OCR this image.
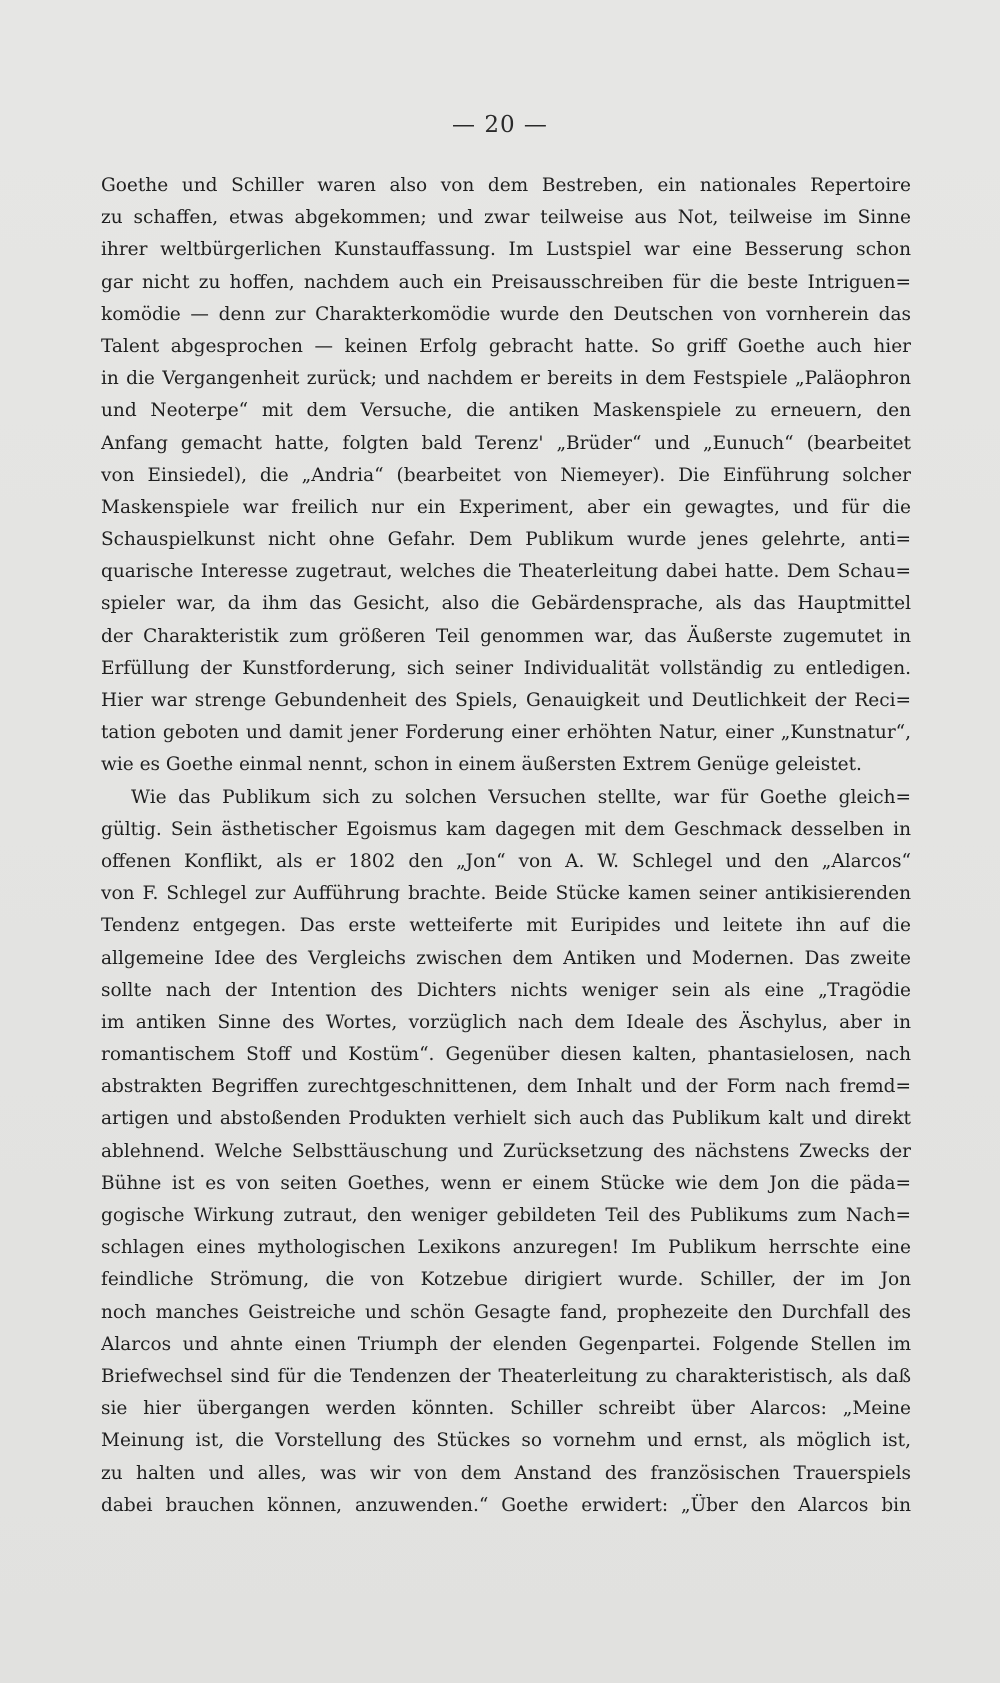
— 20 —
Goethe und Schiller waren also von dem Bestreben, ein nationales Repertoire
zu schaffen, etwas abgekommen; und zwar teilweise aus Not, teilweise im Sinne
ihrer weltbürgerlichen Kunstauffassung. Im Lustspiel war eine Besserung schon
gar nicht zu hoffen, nachdem auch ein Preisausschreiben für die beste Intriguen=
komödie — denn zur Charakterkomödie wurde den Deutschen von vornherein das
Talent abgesprochen — keinen Erfolg gebracht hatte. So griff Goethe auch hier
in die Vergangenheit zurück; und nachdem er bereits in dem Festspiele „Paläophron
und Neoterpe“ mit dem Versuche, die antiken Maskenspiele zu erneuern, den
Anfang gemacht hatte, folgten bald Terenz' „Brüder“ und „Eunuch“ (bearbeitet
von Einsiedel), die „Andria“ (bearbeitet von Niemeyer). Die Einführung solcher
Maskenspiele war freilich nur ein Experiment, aber ein gewagtes, und für die
Schauspielkunst nicht ohne Gefahr. Dem Publikum wurde jenes gelehrte, anti=
quarische Interesse zugetraut, welches die Theaterleitung dabei hatte. Dem Schau=
spieler war, da ihm das Gesicht, also die Gebärdensprache, als das Hauptmittel
der Charakteristik zum größeren Teil genommen war, das Äußerste zugemutet in
Erfüllung der Kunstforderung, sich seiner Individualität vollständig zu entledigen.
Hier war strenge Gebundenheit des Spiels, Genauigkeit und Deutlichkeit der Reci=
tation geboten und damit jener Forderung einer erhöhten Natur, einer „Kunstnatur“,
wie es Goethe einmal nennt, schon in einem äußersten Extrem Genüge geleistet.
Wie das Publikum sich zu solchen Versuchen stellte, war für Goethe gleich=
gültig. Sein ästhetischer Egoismus kam dagegen mit dem Geschmack desselben in
offenen Konflikt, als er 1802 den „Jon“ von A. W. Schlegel und den „Alarcos“
von F. Schlegel zur Aufführung brachte. Beide Stücke kamen seiner antikisierenden
Tendenz entgegen. Das erste wetteiferte mit Euripides und leitete ihn auf die
allgemeine Idee des Vergleichs zwischen dem Antiken und Modernen. Das zweite
sollte nach der Intention des Dichters nichts weniger sein als eine „Tragödie
im antiken Sinne des Wortes, vorzüglich nach dem Ideale des Äschylus, aber in
romantischem Stoff und Kostüm“. Gegenüber diesen kalten, phantasielosen, nach
abstrakten Begriffen zurechtgeschnittenen, dem Inhalt und der Form nach fremd=
artigen und abstoßenden Produkten verhielt sich auch das Publikum kalt und direkt
ablehnend. Welche Selbsttäuschung und Zurücksetzung des nächstens Zwecks der
Bühne ist es von seiten Goethes, wenn er einem Stücke wie dem Jon die päda=
gogische Wirkung zutraut, den weniger gebildeten Teil des Publikums zum Nach=
schlagen eines mythologischen Lexikons anzuregen! Im Publikum herrschte eine
feindliche Strömung, die von Kotzebue dirigiert wurde. Schiller, der im Jon
noch manches Geistreiche und schön Gesagte fand, prophezeite den Durchfall des
Alarcos und ahnte einen Triumph der elenden Gegenpartei. Folgende Stellen im
Briefwechsel sind für die Tendenzen der Theaterleitung zu charakteristisch, als daß
sie hier übergangen werden könnten. Schiller schreibt über Alarcos: „Meine
Meinung ist, die Vorstellung des Stückes so vornehm und ernst, als möglich ist,
zu halten und alles, was wir von dem Anstand des französischen Trauerspiels
dabei brauchen können, anzuwenden.“ Goethe erwidert: „Über den Alarcos bin
